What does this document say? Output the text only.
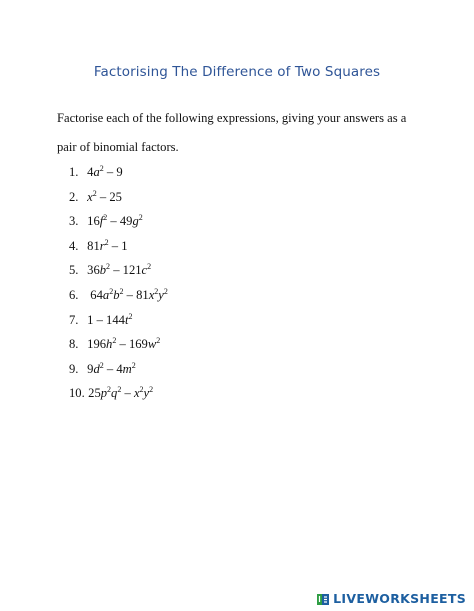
Factorising The Difference of Two Squares
Factorise each of the following expressions, giving your answers as a pair of binomial factors.
1. $4a^2 - 9$
2. $x^2 - 25$
3. $16f^2 - 49g^2$
4. $81r^2 - 1$
5. $36b^2 - 121c^2$
6.  $64a^2b^2 - 81x^2y^2$
7. $1 - 144t^2$
8. $196h^2 - 169w^2$
9. $9d^2 - 4m^2$
10. $25p^2q^2 - x^2y^2$
LIVEWORKSHEETS
